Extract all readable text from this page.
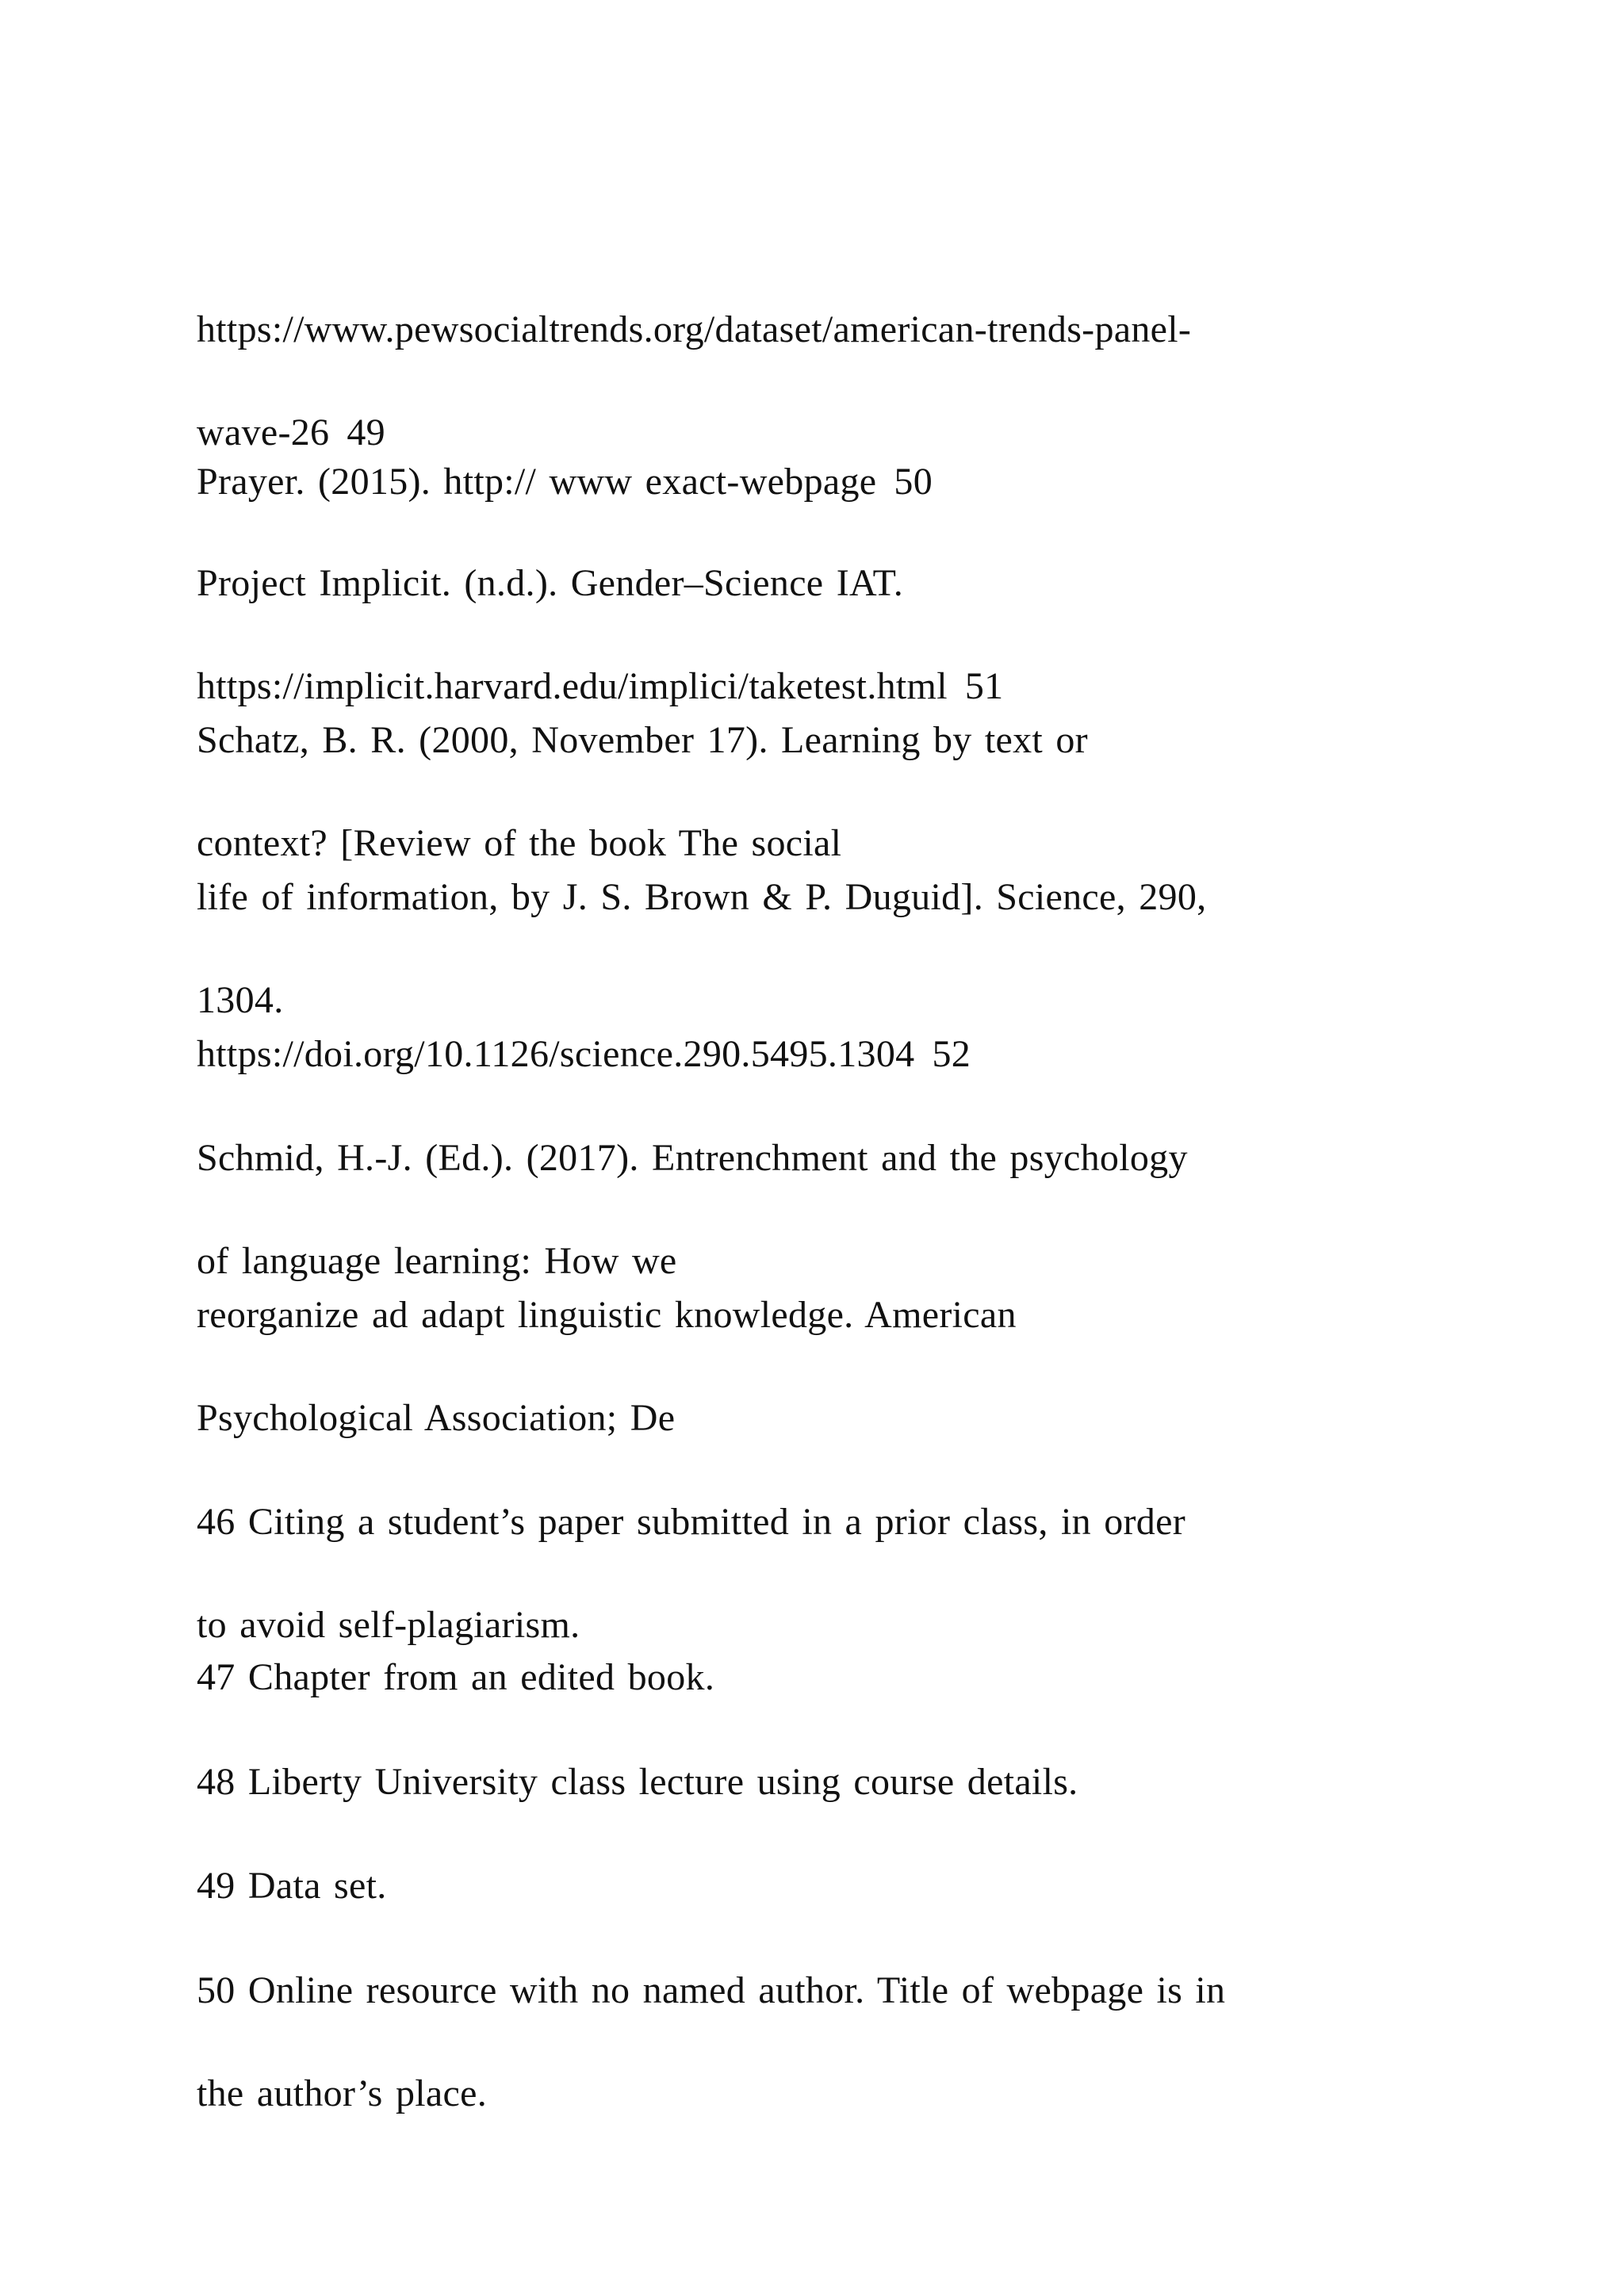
https://www.pewsocialtrends.org/dataset/american-trends-panel-

wave-26 49

Prayer. (2015). http:// www exact-webpage 50

Project Implicit. (n.d.). Gender–Science IAT.

https://implicit.harvard.edu/implici/taketest.html 51

Schatz, B. R. (2000, November 17). Learning by text or

context? [Review of the book The social

life of information, by J. S. Brown & P. Duguid]. Science, 290,

1304.

https://doi.org/10.1126/science.290.5495.1304 52

Schmid, H.-J. (Ed.). (2017). Entrenchment and the psychology

of language learning: How we

reorganize ad adapt linguistic knowledge. American

Psychological Association; De

46 Citing a student’s paper submitted in a prior class, in order

to avoid self-plagiarism.

47 Chapter from an edited book.

48 Liberty University class lecture using course details.

49 Data set.

50 Online resource with no named author. Title of webpage is in

the author’s place.
